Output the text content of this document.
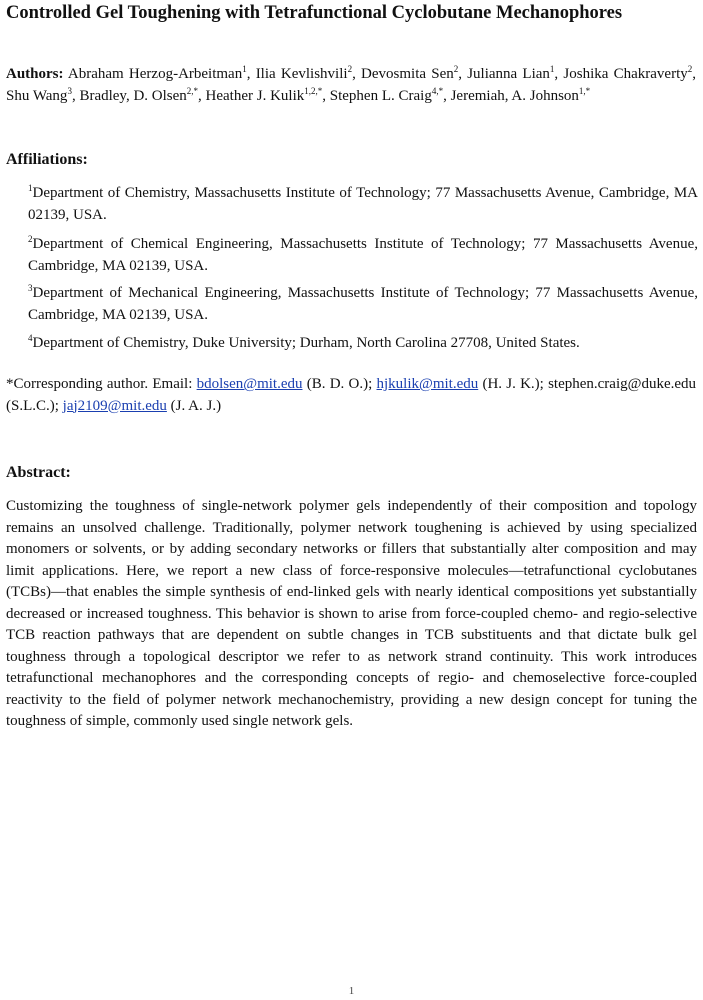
Controlled Gel Toughening with Tetrafunctional Cyclobutane Mechanophores
Authors: Abraham Herzog-Arbeitman$^1$, Ilia Kevlishvili$^2$, Devosmita Sen$^2$, Julianna Lian$^1$, Joshika Chakraverty$^2$, Shu Wang$^3$, Bradley, D. Olsen$^{2,*}$, Heather J. Kulik$^{1,2,*}$, Stephen L. Craig$^{4,*}$, Jeremiah, A. Johnson$^{1,*}$
Affiliations:
$^1$Department of Chemistry, Massachusetts Institute of Technology; 77 Massachusetts Avenue, Cambridge, MA 02139, USA.
$^2$Department of Chemical Engineering, Massachusetts Institute of Technology; 77 Massachusetts Avenue, Cambridge, MA 02139, USA.
$^3$Department of Mechanical Engineering, Massachusetts Institute of Technology; 77 Massachusetts Avenue, Cambridge, MA 02139, USA.
$^4$Department of Chemistry, Duke University; Durham, North Carolina 27708, United States.
*Corresponding author. Email: bdolsen@mit.edu (B. D. O.); hjkulik@mit.edu (H. J. K.); stephen.craig@duke.edu (S.L.C.); jaj2109@mit.edu (J. A. J.)
Abstract:
Customizing the toughness of single-network polymer gels independently of their composition and topology remains an unsolved challenge. Traditionally, polymer network toughening is achieved by using specialized monomers or solvents, or by adding secondary networks or fillers that substantially alter composition and may limit applications. Here, we report a new class of force-responsive molecules—tetrafunctional cyclobutanes (TCBs)—that enables the simple synthesis of end-linked gels with nearly identical compositions yet substantially decreased or increased toughness. This behavior is shown to arise from force-coupled chemo- and regio-selective TCB reaction pathways that are dependent on subtle changes in TCB substituents and that dictate bulk gel toughness through a topological descriptor we refer to as network strand continuity. This work introduces tetrafunctional mechanophores and the corresponding concepts of regio- and chemoselective force-coupled reactivity to the field of polymer network mechanochemistry, providing a new design concept for tuning the toughness of simple, commonly used single network gels.
1
